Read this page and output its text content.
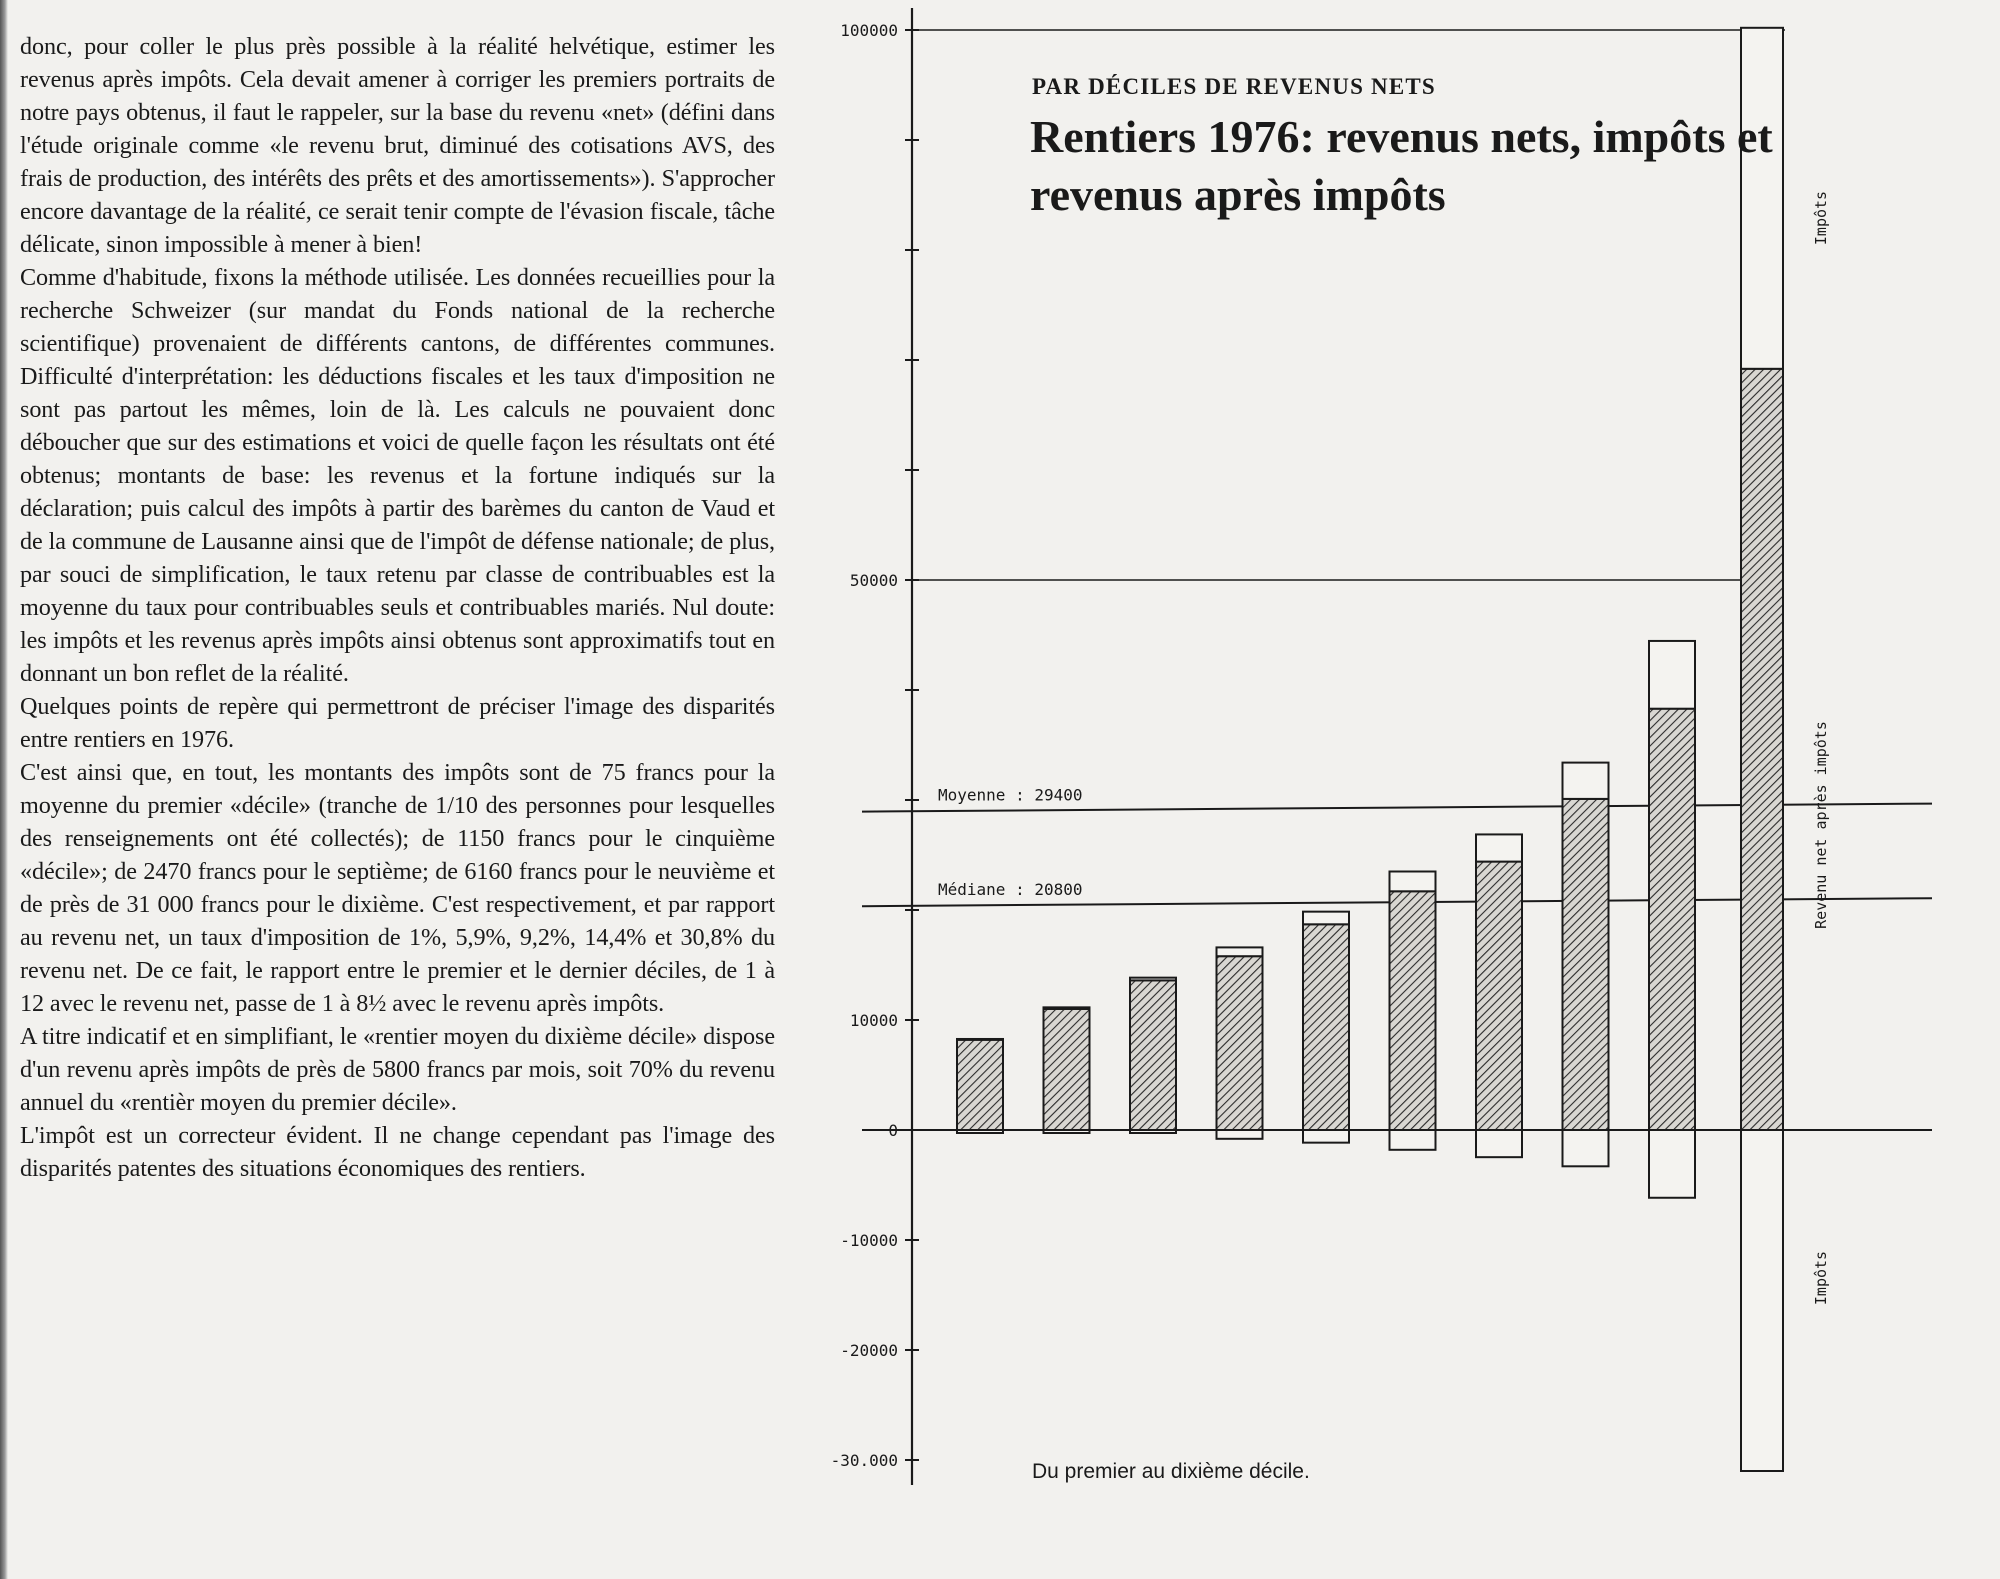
donc, pour coller le plus près possible à la réalité helvétique, estimer les revenus après impôts. Cela devait amener à corriger les premiers portraits de notre pays obtenus, il faut le rappeler, sur la base du revenu «net» (défini dans l'étude originale comme «le revenu brut, diminué des cotisations AVS, des frais de production, des intérêts des prêts et des amortissements»). S'approcher encore davantage de la réalité, ce serait tenir compte de l'évasion fiscale, tâche délicate, sinon impossible à mener à bien!

Comme d'habitude, fixons la méthode utilisée. Les données recueillies pour la recherche Schweizer (sur mandat du Fonds national de la recherche scientifique) provenaient de différents cantons, de différentes communes. Difficulté d'interprétation: les déductions fiscales et les taux d'imposition ne sont pas partout les mêmes, loin de là. Les calculs ne pouvaient donc déboucher que sur des estimations et voici de quelle façon les résultats ont été obtenus; montants de base: les revenus et la fortune indiqués sur la déclaration; puis calcul des impôts à partir des barèmes du canton de Vaud et de la commune de Lausanne ainsi que de l'impôt de défense nationale; de plus, par souci de simplification, le taux retenu par classe de contribuables est la moyenne du taux pour contribuables seuls et contribuables mariés. Nul doute: les impôts et les revenus après impôts ainsi obtenus sont approximatifs tout en donnant un bon reflet de la réalité.

Quelques points de repère qui permettront de préciser l'image des disparités entre rentiers en 1976.

C'est ainsi que, en tout, les montants des impôts sont de 75 francs pour la moyenne du premier «décile» (tranche de 1/10 des personnes pour lesquelles des renseignements ont été collectés); de 1150 francs pour le cinquième «décile»; de 2470 francs pour le septième; de 6160 francs pour le neuvième et de près de 31 000 francs pour le dixième. C'est respectivement, et par rapport au revenu net, un taux d'imposition de 1%, 5,9%, 9,2%, 14,4% et 30,8% du revenu net. De ce fait, le rapport entre le premier et le dernier déciles, de 1 à 12 avec le revenu net, passe de 1 à 8½ avec le revenu après impôts.

A titre indicatif et en simplifiant, le «rentier moyen du dixième décile» dispose d'un revenu après impôts de près de 5800 francs par mois, soit 70% du revenu annuel du «rentièr moyen du premier décile».

L'impôt est un correcteur évident. Il ne change cependant pas l'image des disparités patentes des situations économiques des rentiers.

100000
50000
10000
0
-10000
-20000
-30.000
Moyenne : 29400
Médiane : 20800
Impôts
Revenu net après impôts
Impôts
PAR DÉCILES DE REVENUS NETS
Rentiers 1976: revenus nets, impôts et revenus après impôts
Du premier au dixième décile.
